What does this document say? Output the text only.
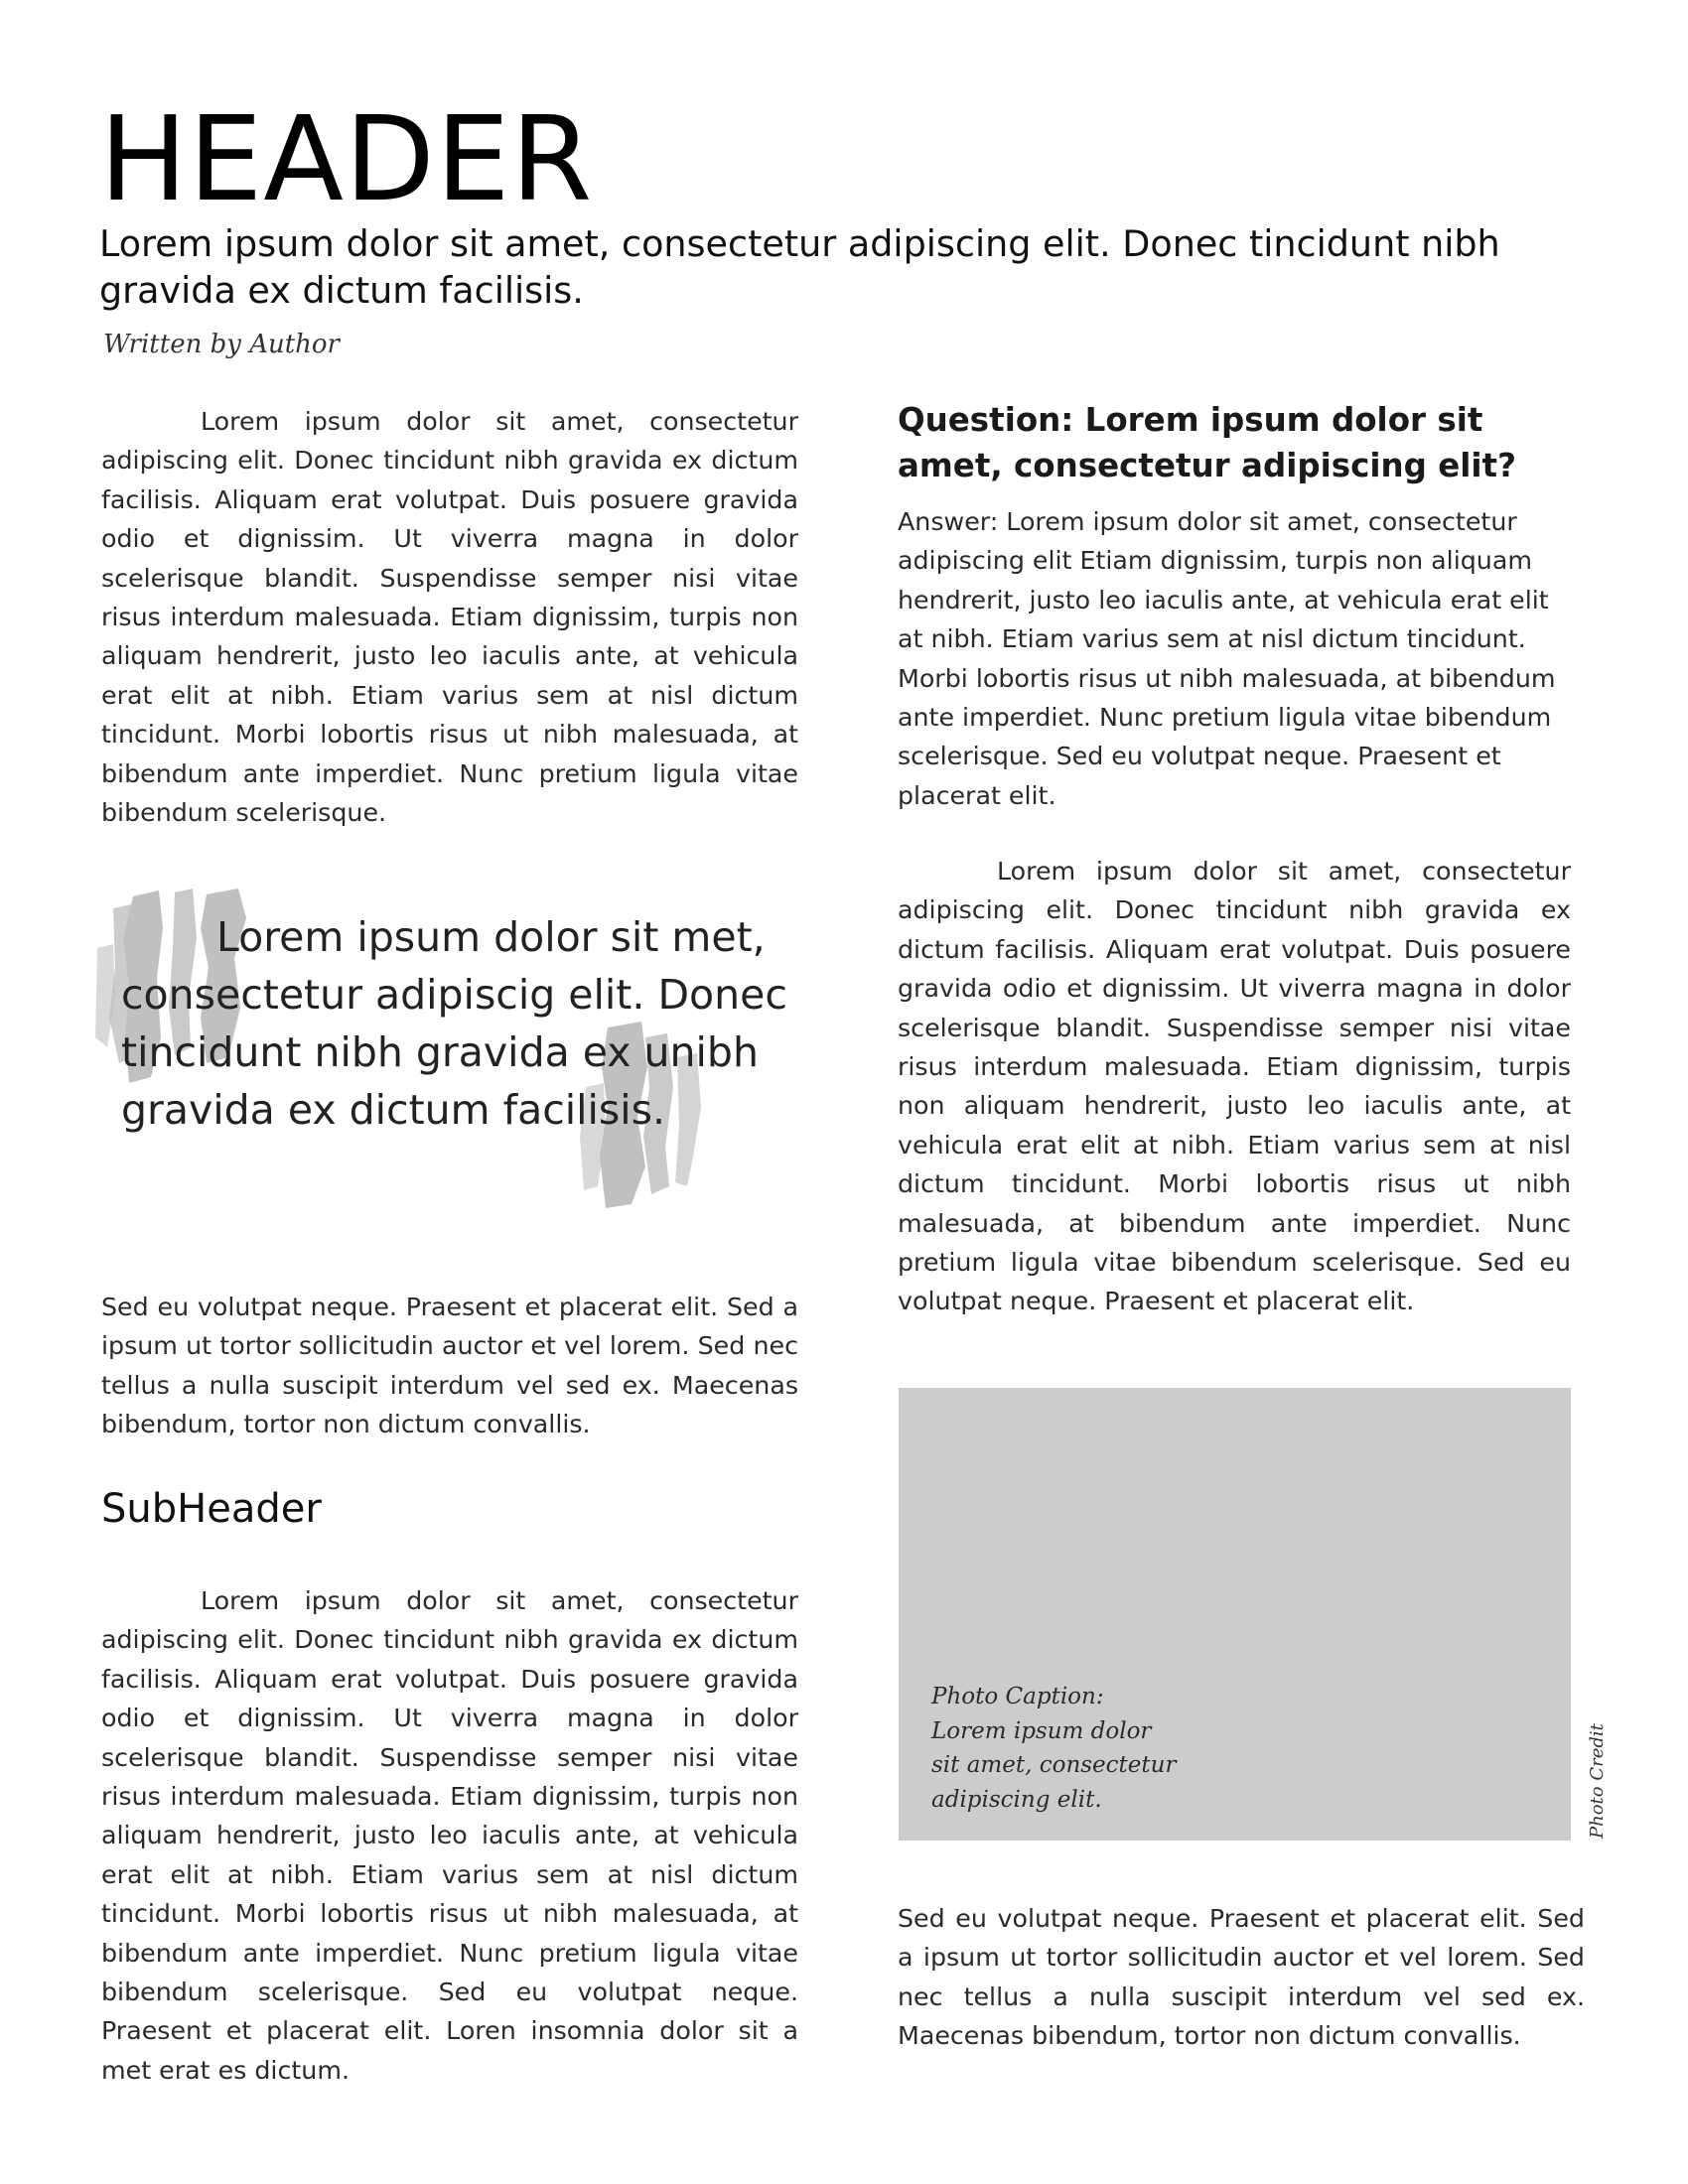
HEADER

Lorem ipsum dolor sit amet, consectetur adipiscing elit. Donec tincidunt nibh gravida ex dictum facilisis.

Written by Author

Lorem ipsum dolor sit amet, consectetur adipiscing elit. Donec tincidunt nibh gravida ex dictum facilisis. Aliquam erat volutpat. Duis posuere gravida odio et dignissim. Ut viverra magna in dolor scelerisque blandit. Suspendisse semper nisi vitae risus interdum malesuada. Etiam dignissim, turpis non aliquam hendrerit, justo leo iaculis ante, at vehicula erat elit at nibh. Etiam varius sem at nisl dictum tincidunt. Morbi lobortis risus ut nibh malesuada, at bibendum ante imperdiet. Nunc pretium ligula vitae bibendum scelerisque.

Lorem ipsum dolor sit met, consectetur adipiscig elit. Donec tincidunt nibh gravida ex unibh gravida ex dictum facilisis.

Sed eu volutpat neque. Praesent et placerat elit. Sed a ipsum ut tortor sollicitudin auctor et vel lorem. Sed nec tellus a nulla suscipit interdum vel sed ex. Maecenas bibendum, tortor non dictum convallis.

SubHeader

Lorem ipsum dolor sit amet, consectetur adipiscing elit. Donec tincidunt nibh gravida ex dictum facilisis. Aliquam erat volutpat. Duis posuere gravida odio et dignissim. Ut viverra magna in dolor scelerisque blandit. Suspendisse semper nisi vitae risus interdum malesuada. Etiam dignissim, turpis non aliquam hendrerit, justo leo iaculis ante, at vehicula erat elit at nibh. Etiam varius sem at nisl dictum tincidunt. Morbi lobortis risus ut nibh malesuada, at bibendum ante imperdiet. Nunc pretium ligula vitae bibendum scelerisque. Sed eu volutpat neque. Praesent et placerat elit. Loren insomnia dolor sit a met erat es dictum.

Question: Lorem ipsum dolor sit amet, consectetur adipiscing elit?

Answer: Lorem ipsum dolor sit amet, consectetur adipiscing elit Etiam dignissim, turpis non aliquam hendrerit, justo leo iaculis ante, at vehicula erat elit at nibh. Etiam varius sem at nisl dictum tincidunt. Morbi lobortis risus ut nibh malesuada, at bibendum ante imperdiet. Nunc pretium ligula vitae bibendum scelerisque. Sed eu volutpat neque. Praesent et placerat elit.

Lorem ipsum dolor sit amet, consectetur adipiscing elit. Donec tincidunt nibh gravida ex dictum facilisis. Aliquam erat volutpat. Duis posuere gravida odio et dignissim. Ut viverra magna in dolor scelerisque blandit. Suspendisse semper nisi vitae risus interdum malesuada. Etiam dignissim, turpis non aliquam hendrerit, justo leo iaculis ante, at vehicula erat elit at nibh. Etiam varius sem at nisl dictum tincidunt. Morbi lobortis risus ut nibh malesuada, at bibendum ante imperdiet. Nunc pretium ligula vitae bibendum scelerisque. Sed eu volutpat neque. Praesent et placerat elit.

Photo Caption: Lorem ipsum dolor sit amet, consectetur adipiscing elit.	Photo Credit

Sed eu volutpat neque. Praesent et placerat elit. Sed a ipsum ut tortor sollicitudin auctor et vel lorem. Sed nec tellus a nulla suscipit interdum vel sed ex. Maecenas bibendum, tortor non dictum convallis.
